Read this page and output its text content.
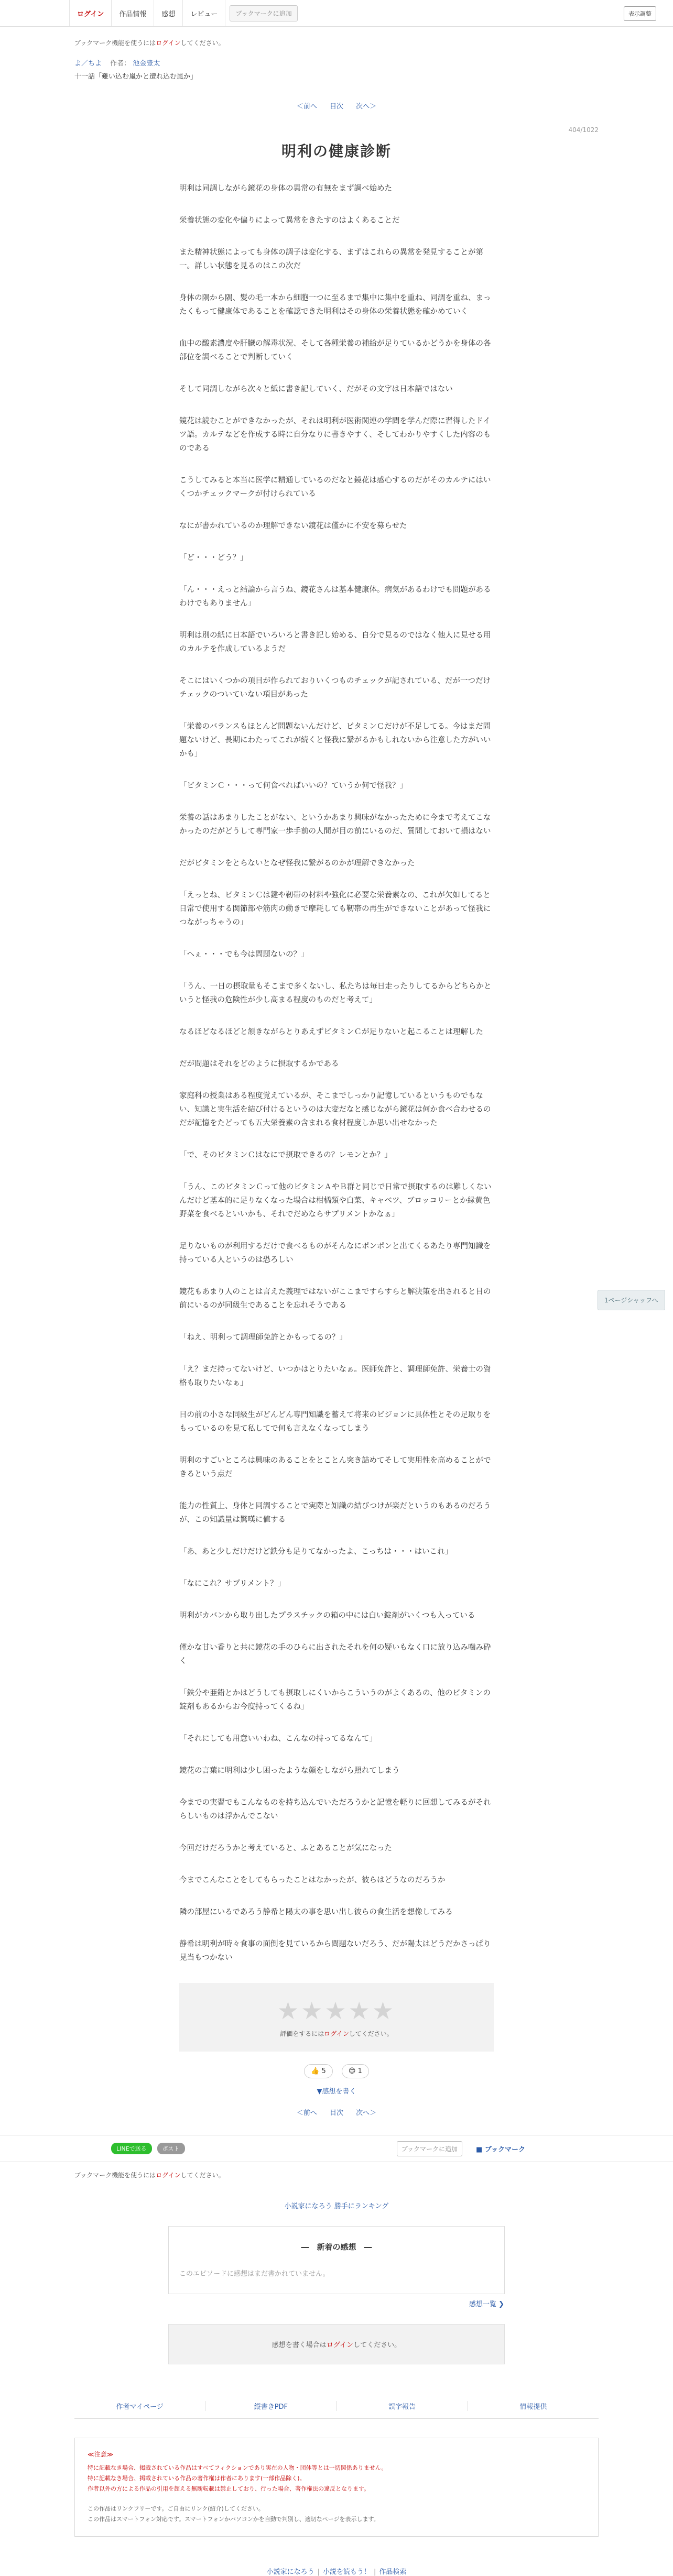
ログイン	作品情報	感想	レビュー	ブックマークに追加	表示調整
ブックマーク機能を使うにはログインしてください。
よ／ちよ 作者： 池金豊太
十一話「難い込む嵐かと遭れ込む嵐か」
＜前へ 目次 次へ＞
404/1022
明利の健康診断

明利は同調しながら鏡花の身体の異常の有無をまず調べ始めた

栄養状態の変化や偏りによって異常をきたすのはよくあることだ

また精神状態によっても身体の調子は変化する、まずはこれらの異常を発見することが第一。詳しい状態を見るのはこの次だ

身体の隅から隅、髪の毛一本から細胞一つに至るまで集中に集中を重ね、同調を重ね、まったくもって健康体であることを確認できた明利はその身体の栄養状態を確かめていく

血中の酸素濃度や肝臓の解毒状況、そして各種栄養の補給が足りているかどうかを身体の各部位を調べることで判断していく

そして同調しながら次々と紙に書き記していく、だがその文字は日本語ではない

鏡花は読むことができなかったが、それは明利が医術関連の学問を学んだ際に習得したドイツ語。カルテなどを作成する時に自分なりに書きやすく、そしてわかりやすくした内容のものである

こうしてみると本当に医学に精通しているのだなと鏡花は感心するのだがそのカルテにはいくつかチェックマークが付けられている

なにが書かれているのか理解できない鏡花は僅かに不安を募らせた

「ど・・・どう？」

「ん・・・えっと結論から言うね、鏡花さんは基本健康体。病気があるわけでも問題があるわけでもありません」

明利は別の紙に日本語でいろいろと書き記し始める、自分で見るのではなく他人に見せる用のカルテを作成しているようだ

そこにはいくつかの項目が作られておりいくつものチェックが記されている、だが一つだけチェックのついていない項目があった

「栄養のバランスもほとんど問題ないんだけど、ビタミンＣだけが不足してる。今はまだ問題ないけど、長期にわたってこれが続くと怪我に繋がるかもしれないから注意した方がいいかも」

「ビタミンＣ・・・って何食べればいいの？ていうか何で怪我？」

栄養の話はあまりしたことがない、というかあまり興味がなかったために今まで考えてこなかったのだがどうして専門家一歩手前の人間が目の前にいるのだ、質問しておいて損はない

だがビタミンをとらないとなぜ怪我に繋がるのかが理解できなかった

「えっとね、ビタミンＣは鍵や靭帯の材料や強化に必要な栄養素なの、これが欠如してると日常で使用する関節部や筋肉の動きで摩耗しても靭帯の再生ができないことがあって怪我につながっちゃうの」

「へぇ・・・でも今は問題ないの？」

「うん、一日の摂取量もそこまで多くないし、私たちは毎日走ったりしてるからどちらかというと怪我の危険性が少し高まる程度のものだと考えて」

なるほどなるほどと頷きながらとりあえずビタミンＣが足りないと起こることは理解した

だが問題はそれをどのように摂取するかである

家庭科の授業はある程度覚えているが、そこまでしっかり記憶しているというものでもない、知識と実生活を結び付けるというのは大変だなと感じながら鏡花は何か食べ合わせるのだが記憶をたどっても五大栄養素の含まれる食材程度しか思い出せなかった

「で、そのビタミンＣはなにで摂取できるの？レモンとか？」

「うん、このビタミンＣって他のビタミンＡやＢ群と同じで日常で摂取するのは難しくないんだけど基本的に足りなくなった場合は柑橘類や白菜、キャベツ、ブロッコリーとか緑黄色野菜を食べるといいかも、それでだめならサプリメントかなぁ」

足りないものが利用するだけで食べるものがそんなにポンポンと出てくるあたり専門知識を持っている人というのは恐ろしい

鏡花もあまり人のことは言えた義理ではないがここまですらすらと解決策を出されると目の前にいるのが同級生であることを忘れそうである

「ねえ、明利って調理師免許とかもってるの？」

「え？まだ持ってないけど、いつかはとりたいなぁ。医師免許と、調理師免許、栄養士の資格も取りたいなぁ」

目の前の小さな同級生がどんどん専門知識を蓄えて将来のビジョンに具体性とその足取りをもっているのを見て私してで何も言えなくなってしまう

明利のすごいところは興味のあることをとことん突き詰めてそして実用性を高めることができるという点だ

能力の性質上、身体と同調することで実際と知識の結びつけが楽だというのもあるのだろうが、この知識量は驚嘆に値する

「あ、あと少しだけだけど鉄分も足りてなかったよ、こっちは・・・はいこれ」

「なにこれ？サプリメント？」

明利がカバンから取り出したプラスチックの箱の中には白い錠剤がいくつも入っている

僅かな甘い香りと共に鏡花の手のひらに出されたそれを何の疑いもなく口に放り込み噛み砕く

「鉄分や亜鉛とかはどうしても摂取しにくいからこういうのがよくあるの、他のビタミンの錠剤もあるからお今度持ってくるね」

「それにしても用意いいわね、こんなの持ってるなんて」

鏡花の言葉に明利は少し困ったような顔をしながら照れてしまう

今までの実習でもこんなものを持ち込んでいただろうかと記憶を軽りに回想してみるがそれらしいものは浮かんでこない

今回だけだろうかと考えていると、ふとあることが気になった

今までこんなことをしてもらったことはなかったが、彼らはどうなのだろうか

隣の部屋にいるであろう静希と陽太の事を思い出し彼らの食生活を想像してみる

静希は明利が時々食事の面倒を見ているから問題ないだろう、だが陽太はどうだかさっぱり見当もつかない

1ページシャッフへ
★★★★★
評価をするにはログインしてください。
👍 5	😊 1
▼感想を書く
＜前へ 目次 次へ＞
LINEで送る	ポスト	ブックマークに追加	■ ブックマーク
ブックマーク機能を使うにはログインしてください。
小説家になろう 勝手にランキング
―　新着の感想　―
このエピソードに感想はまだ書かれていません。
感想一覧 ❯
感想を書く場合はログインしてください。
作者マイページ	縦書きPDF	誤字報告	情報提供
≪注意≫
特に記載なき場合、掲載されている作品はすべてフィクションであり実在の人物・団体等とは一切関係ありません。
特に記載なき場合、掲載されている作品の著作権は作者にあります(一部作品除く)。
作者以外の方による作品の引用を超える無断転載は禁止しており、行った場合、著作権法の違反となります。
この作品はリンクフリーです。ご自由にリンク(紹介)してください。
この作品はスマートフォン対応です。スマートフォンかパソコンかを自動で判別し、適切なページを表示します。
小説家になろう | 小説を読もう！ | 作品検索
